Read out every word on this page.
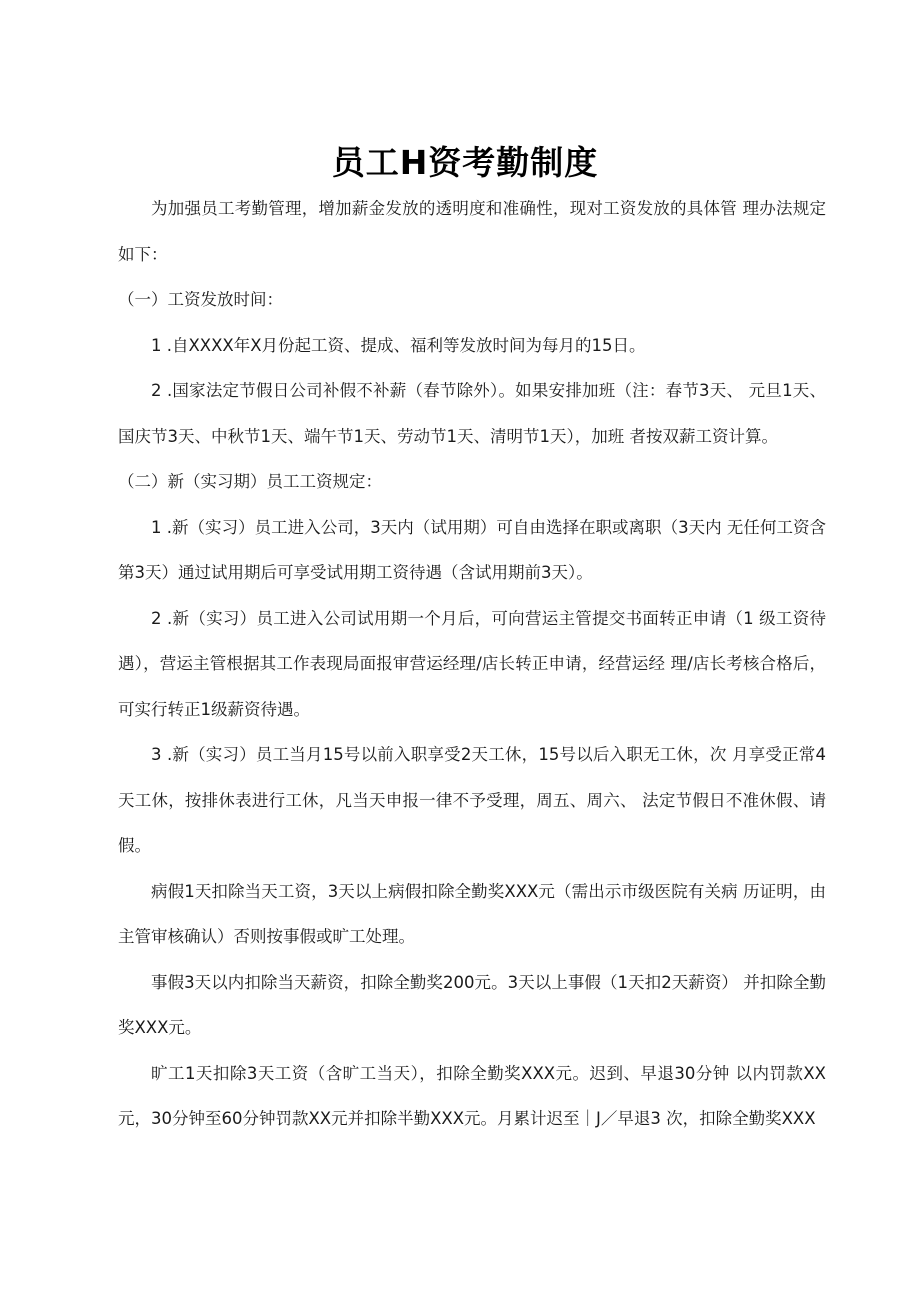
员工H资考勤制度

为加强员工考勤管理，增加薪金发放的透明度和准确性，现对工资发放的具体管 理办法规定如下：

（一）工资发放时间：

1 .自XXXX年X月份起工资、提成、福利等发放时间为每月的15日。

2 .国家法定节假日公司补假不补薪（春节除外）。如果安排加班（注：春节3天、 元旦1天、国庆节3天、中秋节1天、端午节1天、劳动节1天、清明节1天），加班 者按双薪工资计算。

（二）新（实习期）员工工资规定：

1 .新（实习）员工进入公司，3天内（试用期）可自由选择在职或离职（3天内 无任何工资含第3天）通过试用期后可享受试用期工资待遇（含试用期前3天）。

2 .新（实习）员工进入公司试用期一个月后，可向营运主管提交书面转正申请（1 级工资待遇），营运主管根据其工作表现局面报审营运经理/店长转正申请，经营运经 理/店长考核合格后，可实行转正1级薪资待遇。

3 .新（实习）员工当月15号以前入职享受2天工休，15号以后入职无工休，次 月享受正常4天工休，按排休表进行工休，凡当天申报一律不予受理，周五、周六、 法定节假日不准休假、请假。

病假1天扣除当天工资，3天以上病假扣除全勤奖XXX元（需出示市级医院有关病 历证明，由主管审核确认）否则按事假或旷工处理。

事假3天以内扣除当天薪资，扣除全勤奖200元。3天以上事假（1天扣2天薪资） 并扣除全勤奖XXX元。

旷工1天扣除3天工资（含旷工当天），扣除全勤奖XXX元。迟到、早退30分钟 以内罚款XX元，30分钟至60分钟罚款XX元并扣除半勤XXX元。月累计迟至｜J／早退3 次，扣除全勤奖XXX
